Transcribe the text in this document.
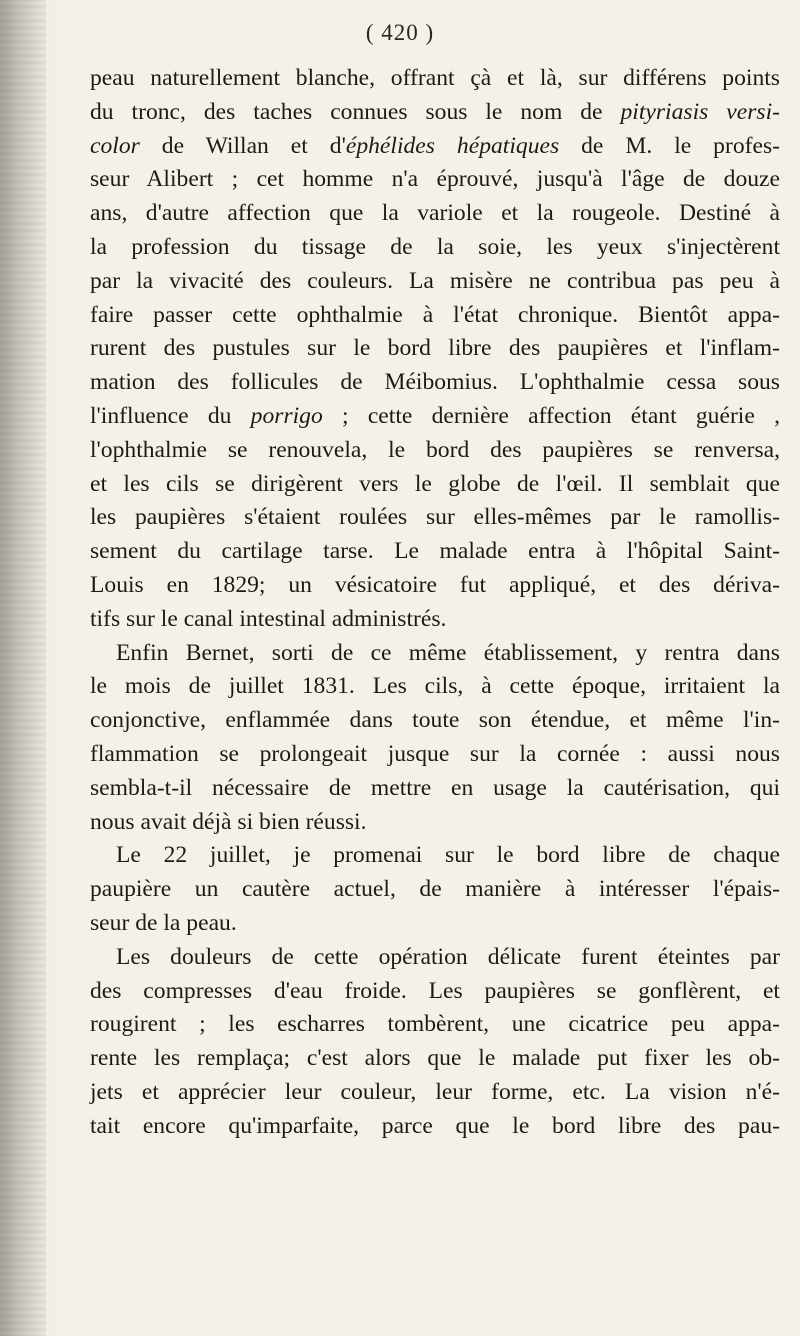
( 420 )

peau naturellement blanche, offrant çà et là, sur différens points
du tronc, des taches connues sous le nom de pityriasis versi-
color de Willan et d'éphélides hépatiques de M. le profes-
seur Alibert ; cet homme n'a éprouvé, jusqu'à l'âge de douze
ans, d'autre affection que la variole et la rougeole. Destiné à
la profession du tissage de la soie, les yeux s'injectèrent
par la vivacité des couleurs. La misère ne contribua pas peu à
faire passer cette ophthalmie à l'état chronique. Bientôt appa-
rurent des pustules sur le bord libre des paupières et l'inflam-
mation des follicules de Méibomius. L'ophthalmie cessa sous
l'influence du porrigo ; cette dernière affection étant guérie ,
l'ophthalmie se renouvela, le bord des paupières se renversa,
et les cils se dirigèrent vers le globe de l'œil. Il semblait que
les paupières s'étaient roulées sur elles-mêmes par le ramollis-
sement du cartilage tarse. Le malade entra à l'hôpital Saint-
Louis en 1829; un vésicatoire fut appliqué, et des dériva-
tifs sur le canal intestinal administrés.

Enfin Bernet, sorti de ce même établissement, y rentra dans
le mois de juillet 1831. Les cils, à cette époque, irritaient la
conjonctive, enflammée dans toute son étendue, et même l'in-
flammation se prolongeait jusque sur la cornée : aussi nous
sembla-t-il nécessaire de mettre en usage la cautérisation, qui
nous avait déjà si bien réussi.

Le 22 juillet, je promenai sur le bord libre de chaque
paupière un cautère actuel, de manière à intéresser l'épais-
seur de la peau.

Les douleurs de cette opération délicate furent éteintes par
des compresses d'eau froide. Les paupières se gonflèrent, et
rougirent ; les escharres tombèrent, une cicatrice peu appa-
rente les remplaça; c'est alors que le malade put fixer les ob-
jets et apprécier leur couleur, leur forme, etc. La vision n'é-
tait encore qu'imparfaite, parce que le bord libre des pau-
